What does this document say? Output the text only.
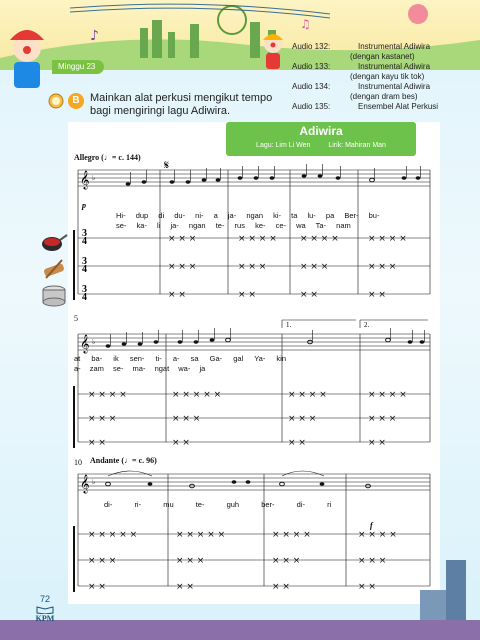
♪
♫
Minggu 23
Audio 132:	Instrumental Adiwira
(dengan kastanet)
Audio 133:	Instrumental Adiwira
(dengan kayu tik tok)
Audio 134:	Instrumental Adiwira
(dengan dram bes)
Audio 135:	Ensembel Alat Perkusi
B Mainkan alat perkusi mengikut tempo bagi mengiringi lagu Adiwira.
Adiwira
Lagu: Lim Li Wen	Lirik: Mahiran Man
Allegro (♩= c. 144)
𝄞 ♭
𝄋
p
3
4
3
4
3
4
× × ×	× × × ×	× × × ×	× × × ×
× × ×	× × ×	× × ×	× × ×
× ×	× ×	× ×	× ×
Hi- dup di du- ni- a ja- ngan ki- ta lu- pa Ber- bu-
se- ka- li ja- ngan te- rus ke- ce- wa Ta- nam
5
1.	2.
𝄞 ♭
× × × ×	× × × × ×	× × × ×	× × × ×
× × ×	× × ×	× × ×	× × ×
× ×	× ×	× ×	× ×
at ba- ik sen- ti- a- sa Ga- gal Ya- kin
a- zam se- ma- ngat wa- ja
10 Andante (♩= c. 96)
𝄞 ♭
f
× × × × ×	× × × × ×	× × × ×	× × × ×
× × ×	× × ×	× × ×	× × ×
× ×	× ×	× ×	× ×
di-	ri-	mu	te-	guh	ber-	di-	ri
72
KPM
